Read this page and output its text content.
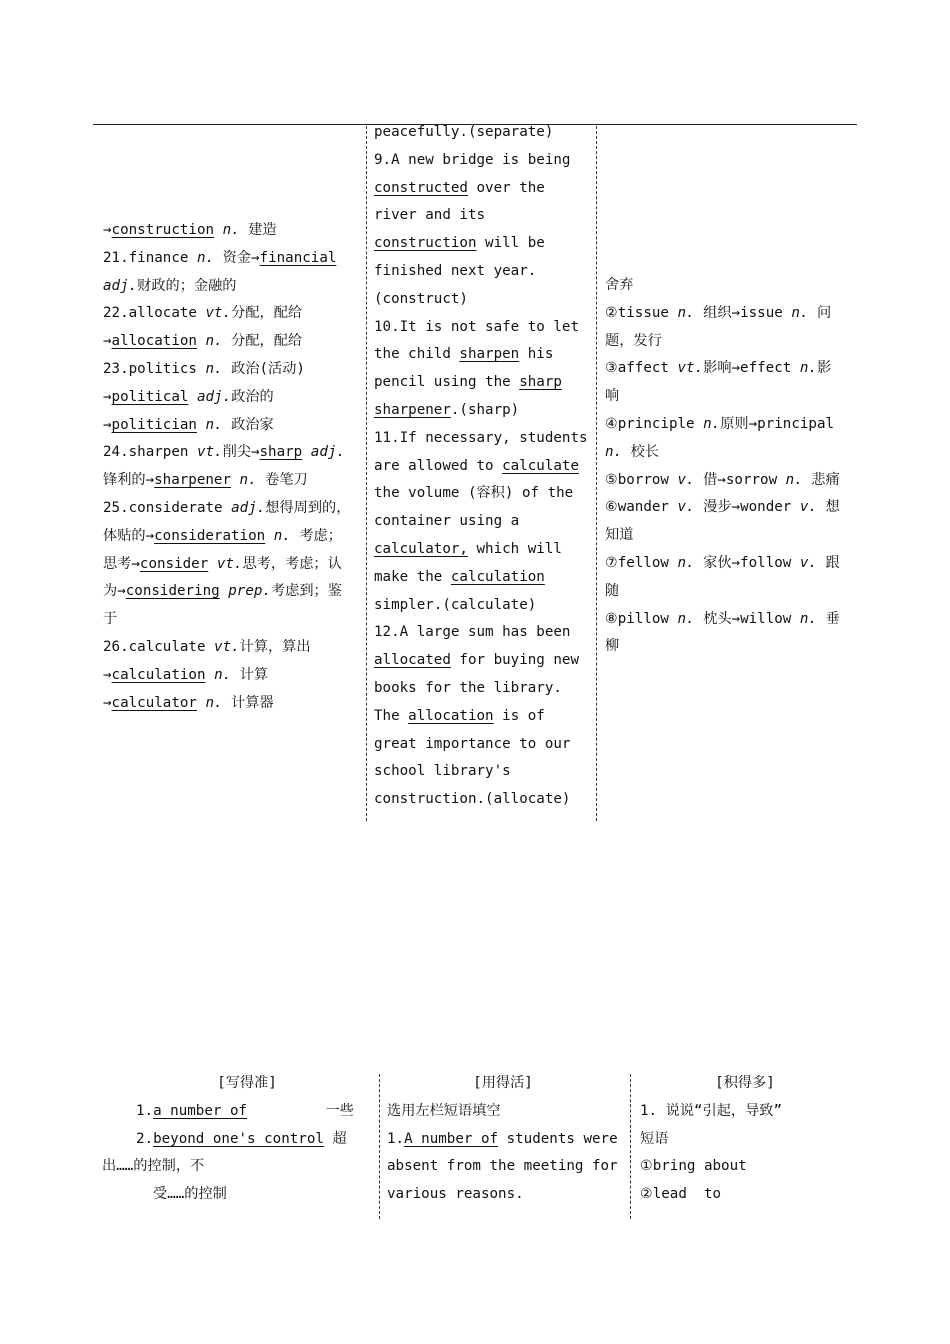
→construction n. 建造
21.finance n. 资金→financial
adj.财政的；金融的
22.allocate vt.分配，配给
→allocation n. 分配，配给
23.politics n. 政治(活动)
→political adj.政治的
→politician n. 政治家
24.sharpen vt.削尖→sharp adj.
锋利的→sharpener n. 卷笔刀
25.considerate adj.想得周到的，
体贴的→consideration n. 考虑；
思考→consider vt.思考，考虑；认
为→considering prep.考虑到；鉴
于
26.calculate vt.计算，算出
→calculation n. 计算
→calculator n. 计算器
peacefully.(separate)
9.A new bridge is being
constructed over the
river and its
construction will be
finished next year.
(construct)
10.It is not safe to let
the child sharpen his
pencil using the sharp
sharpener.(sharp)
11.If necessary, students
are allowed to calculate
the volume (容积) of the
container using a
calculator, which will
make the calculation
simpler.(calculate)
12.A large sum has been
allocated for buying new
books for the library.
The allocation is of
great importance to our
school library's
construction.(allocate)
舍弃
②tissue n. 组织→issue n. 问
题，发行
③affect vt.影响→effect n.影
响
④principle n.原则→principal
n. 校长
⑤borrow v. 借→sorrow n. 悲痛
⑥wander v. 漫步→wonder v. 想
知道
⑦fellow n. 家伙→follow v. 跟
随
⑧pillow n. 枕头→willow n. 垂
柳
[写得准]
1.a number of	一些
2.beyond one's control 超
出……的控制，不
受……的控制
[用得活]
选用左栏短语填空
1.A number of students were
absent from the meeting for
various reasons.
[积得多]
1. 说说“引起，导致”
短语
①bring about
②lead  to
